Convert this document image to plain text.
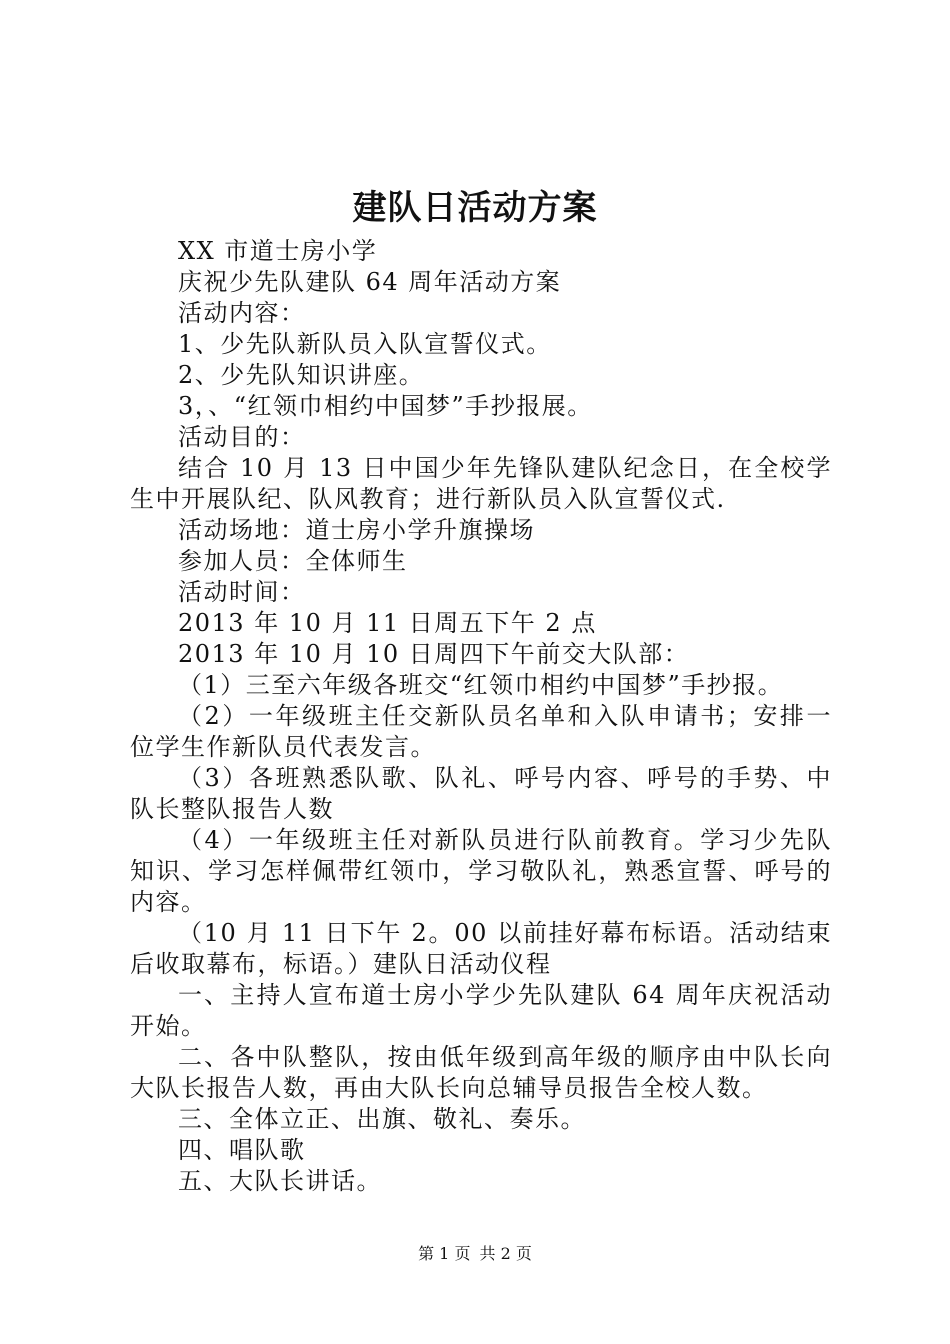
建队日活动方案

XX 市道士房小学

庆祝少先队建队 64 周年活动方案

活动内容：

1、少先队新队员入队宣誓仪式。

2、少先队知识讲座。

3，、“红领巾相约中国梦”手抄报展。

活动目的：

结合 10 月 13 日中国少年先锋队建队纪念日，在全校学生中开展队纪、队风教育；进行新队员入队宣誓仪式.

活动场地：道士房小学升旗操场

参加人员：全体师生

活动时间：

2013 年 10 月 11 日周五下午 2 点

2013 年 10 月 10 日周四下午前交大队部：

（1）三至六年级各班交“红领巾相约中国梦”手抄报。

（2）一年级班主任交新队员名单和入队申请书；安排一位学生作新队员代表发言。

（3）各班熟悉队歌、队礼、呼号内容、呼号的手势、中队长整队报告人数

（4）一年级班主任对新队员进行队前教育。学习少先队知识、学习怎样佩带红领巾，学习敬队礼，熟悉宣誓、呼号的内容。

（10 月 11 日下午 2。00 以前挂好幕布标语。活动结束后收取幕布，标语。）建队日活动仪程

一、主持人宣布道士房小学少先队建队 64 周年庆祝活动开始。

二、各中队整队，按由低年级到高年级的顺序由中队长向大队长报告人数，再由大队长向总辅导员报告全校人数。

三、全体立正、出旗、敬礼、奏乐。

四、唱队歌

五、大队长讲话。

第 1 页 共 2 页
